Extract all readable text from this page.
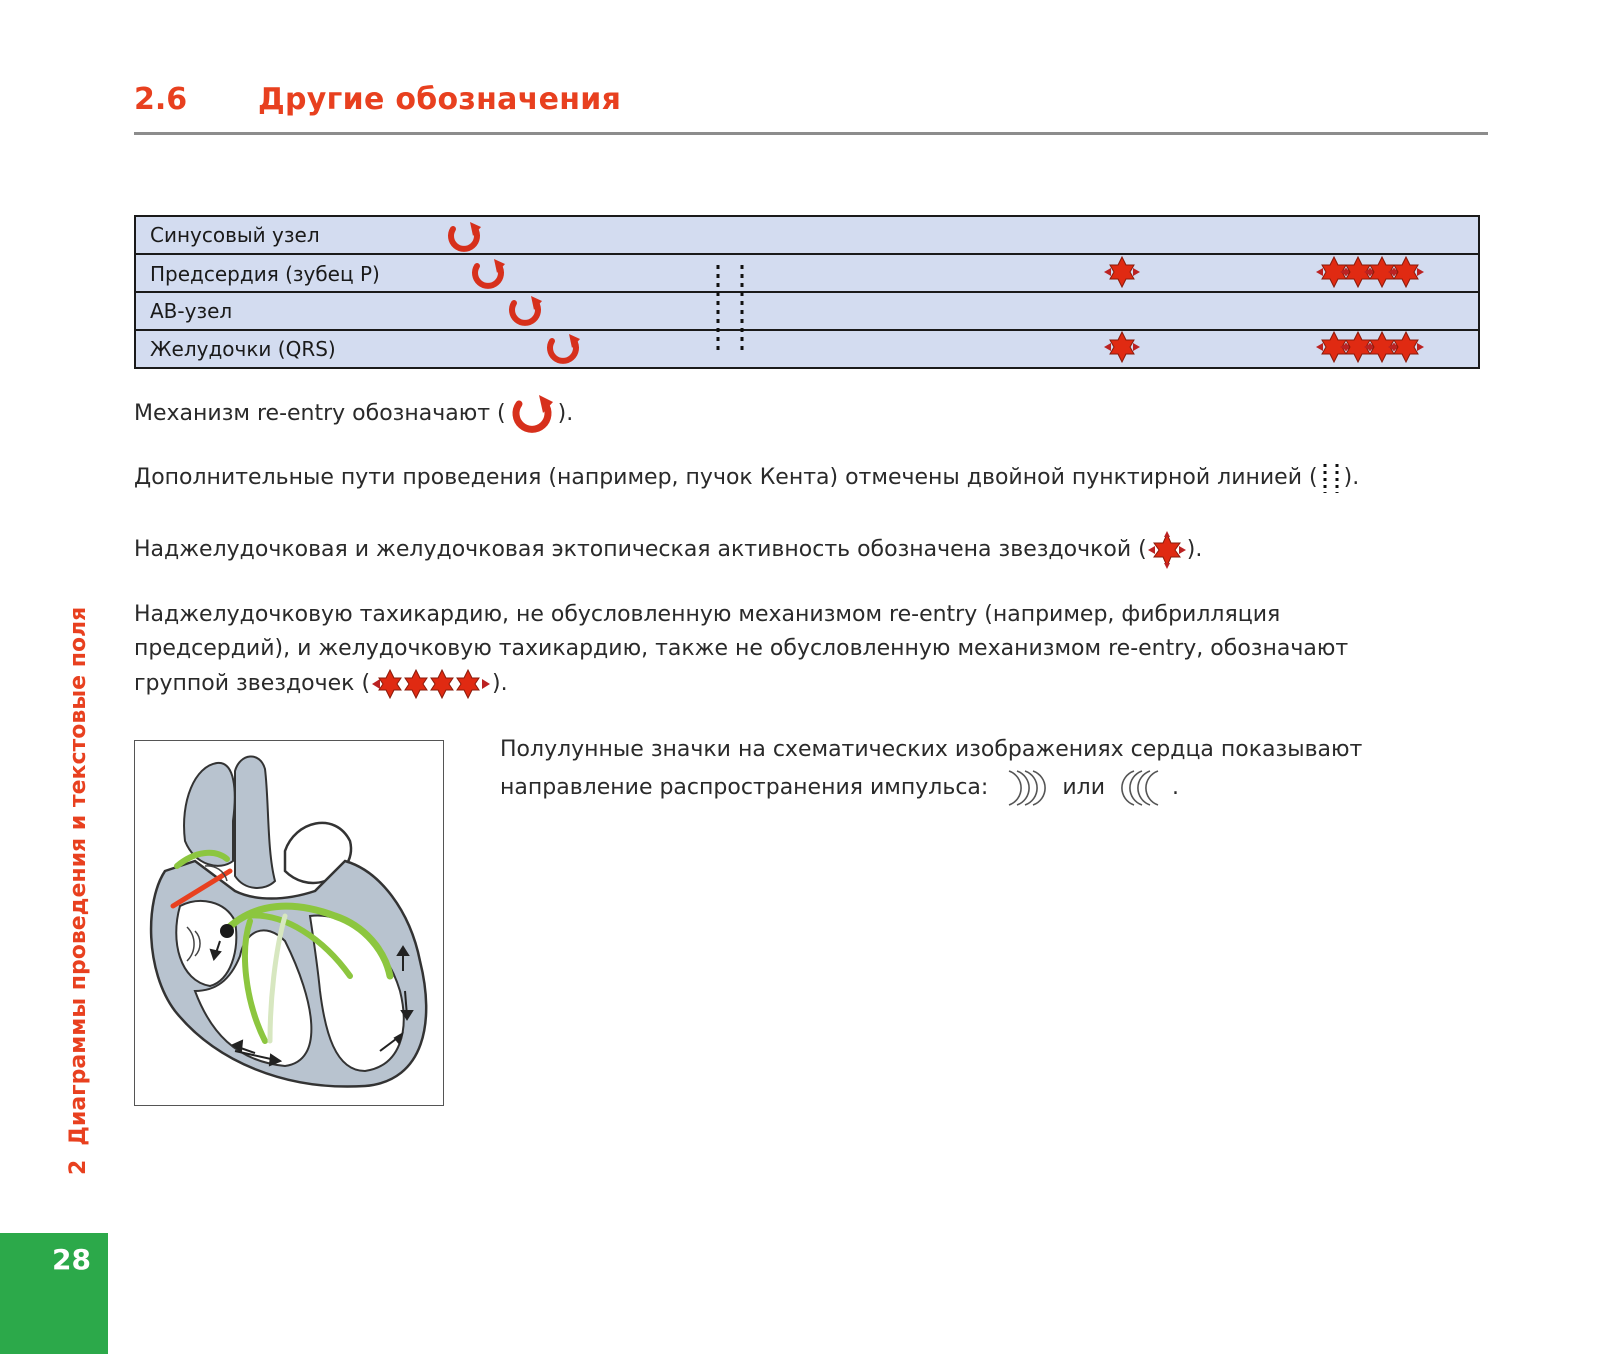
2.6 Другие обозначения
Синусовый узел
Предсердия (зубец P)
АВ-узел
Желудочки (QRS)
Механизм re-entry обозначают ( ).
Дополнительные пути проведения (например, пучок Кента) отмечены двойной пунктирной линией ( ).
Наджелудочковая и желудочковая эктопическая активность обозначена звездочкой ( ).
Наджелудочковую тахикардию, не обусловленную механизмом re-entry (например, фибрилляция
предсердий), и желудочковую тахикардию, также не обусловленную механизмом re-entry, обозначают
группой звездочек (	).
Полулунные значки на схематических изображениях сердца показывают
направление распространения импульса:	или	.
2Диаграммы проведения и текстовые поля
28
